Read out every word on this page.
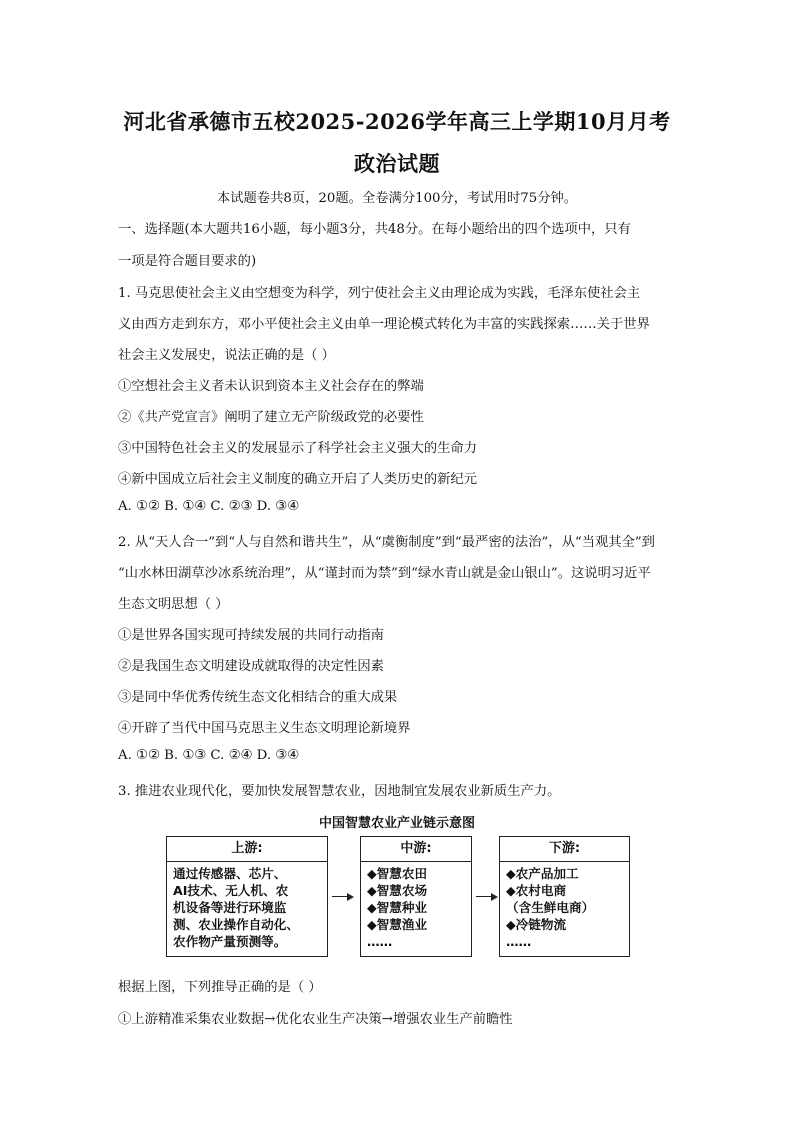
河北省承德市五校2025-2026学年高三上学期10月月考
政治试题
本试题卷共8页，20题。全卷满分100分，考试用时75分钟。
一、选择题(本大题共16小题，每小题3分，共48分。在每小题给出的四个选项中，只有
一项是符合题目要求的)
1. 马克思使社会主义由空想变为科学，列宁使社会主义由理论成为实践，毛泽东使社会主
义由西方走到东方，邓小平使社会主义由单一理论模式转化为丰富的实践探索……关于世界
社会主义发展史，说法正确的是（ ）
①空想社会主义者未认识到资本主义社会存在的弊端
②《共产党宣言》阐明了建立无产阶级政党的必要性
③中国特色社会主义的发展显示了科学社会主义强大的生命力
④新中国成立后社会主义制度的确立开启了人类历史的新纪元
A. ①② B. ①④ C. ②③ D. ③④
2. 从“天人合一”到“人与自然和谐共生”，从“虞衡制度”到“最严密的法治”，从“当观其全”到
“山水林田湖草沙冰系统治理”，从“谨封而为禁”到“绿水青山就是金山银山”。这说明习近平
生态文明思想（ ）
①是世界各国实现可持续发展的共同行动指南
②是我国生态文明建设成就取得的决定性因素
③是同中华优秀传统生态文化相结合的重大成果
④开辟了当代中国马克思主义生态文明理论新境界
A. ①② B. ①③ C. ②④ D. ③④
3. 推进农业现代化，要加快发展智慧农业，因地制宜发展农业新质生产力。
中国智慧农业产业链示意图
上游:
通过传感器、芯片、
AI技术、无人机、农
机设备等进行环境监
测、农业操作自动化、
农作物产量预测等。
中游:
◆智慧农田
◆智慧农场
◆智慧种业
◆智慧渔业
……
下游:
◆农产品加工
◆农村电商
（含生鲜电商）
◆冷链物流
……
根据上图，下列推导正确的是（ ）
①上游精准采集农业数据→优化农业生产决策→增强农业生产前瞻性
